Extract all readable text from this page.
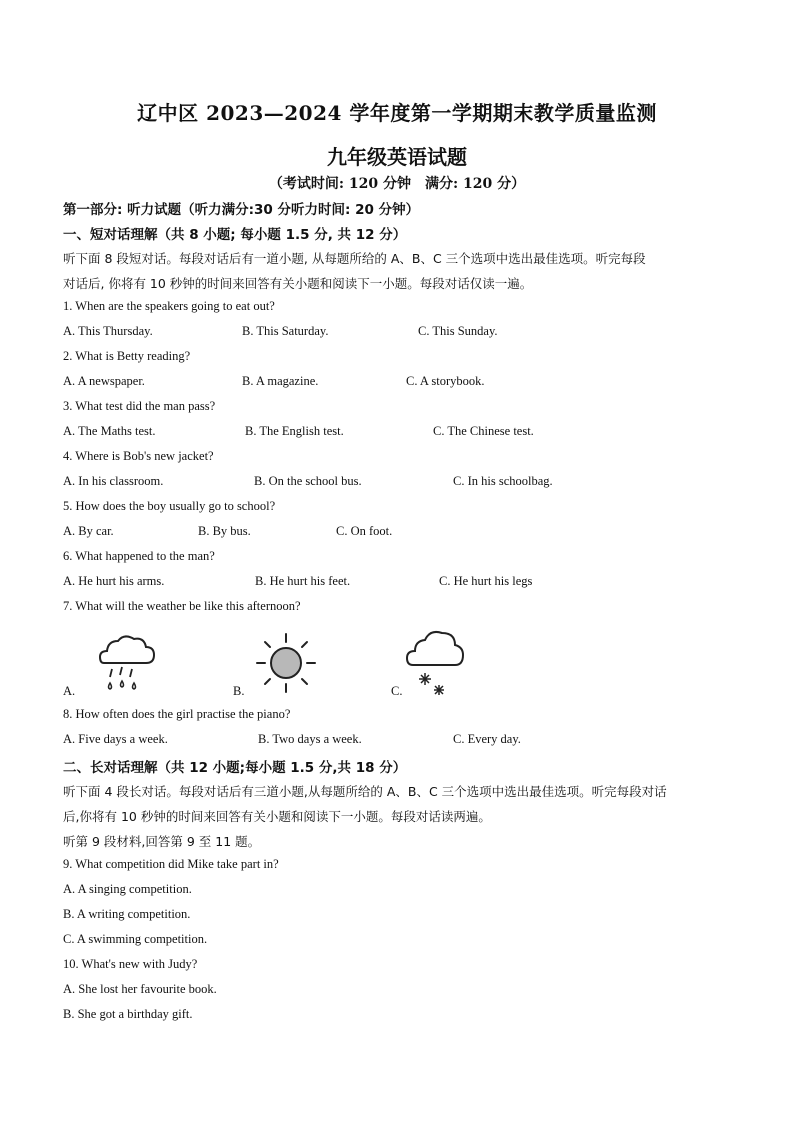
辽中区 2023—2024 学年度第一学期期末教学质量监测
九年级英语试题
（考试时间: 120 分钟　满分: 120 分）
第一部分: 听力试题（听力满分:30 分听力时间: 20 分钟）
一、短对话理解（共 8 小题; 每小题 1.5 分, 共 12 分）
听下面 8 段短对话。每段对话后有一道小题, 从每题所给的 A、B、C 三个选项中选出最佳选项。听完每段
对话后, 你将有 10 秒钟的时间来回答有关小题和阅读下一小题。每段对话仅读一遍。
1. When are the speakers going to eat out?
A. This Thursday.	B. This Saturday.	C. This Sunday.
2. What is Betty reading?
A. A newspaper.	B. A magazine.	C. A storybook.
3. What test did the man pass?
A. The Maths test.	B. The English test.	C. The Chinese test.
4. Where is Bob's new jacket?
A. In his classroom.	B. On the school bus.	C. In his schoolbag.
5. How does the boy usually go to school?
A. By car.	B. By bus.	C. On foot.
6. What happened to the man?
A. He hurt his arms.	B. He hurt his feet.	C. He hurt his legs
7. What will the weather be like this afternoon?
A.	B.	C.
8. How often does the girl practise the piano?
A. Five days a week.	B. Two days a week.	C. Every day.
二、长对话理解（共 12 小题;每小题 1.5 分,共 18 分）
听下面 4 段长对话。每段对话后有三道小题,从每题所给的 A、B、C 三个选项中选出最佳选项。听完每段对话
后,你将有 10 秒钟的时间来回答有关小题和阅读下一小题。每段对话读两遍。
听第 9 段材料,回答第 9 至 11 题。
9. What competition did Mike take part in?
A. A singing competition.
B. A writing competition.
C. A swimming competition.
10. What's new with Judy?
A. She lost her favourite book.
B. She got a birthday gift.
